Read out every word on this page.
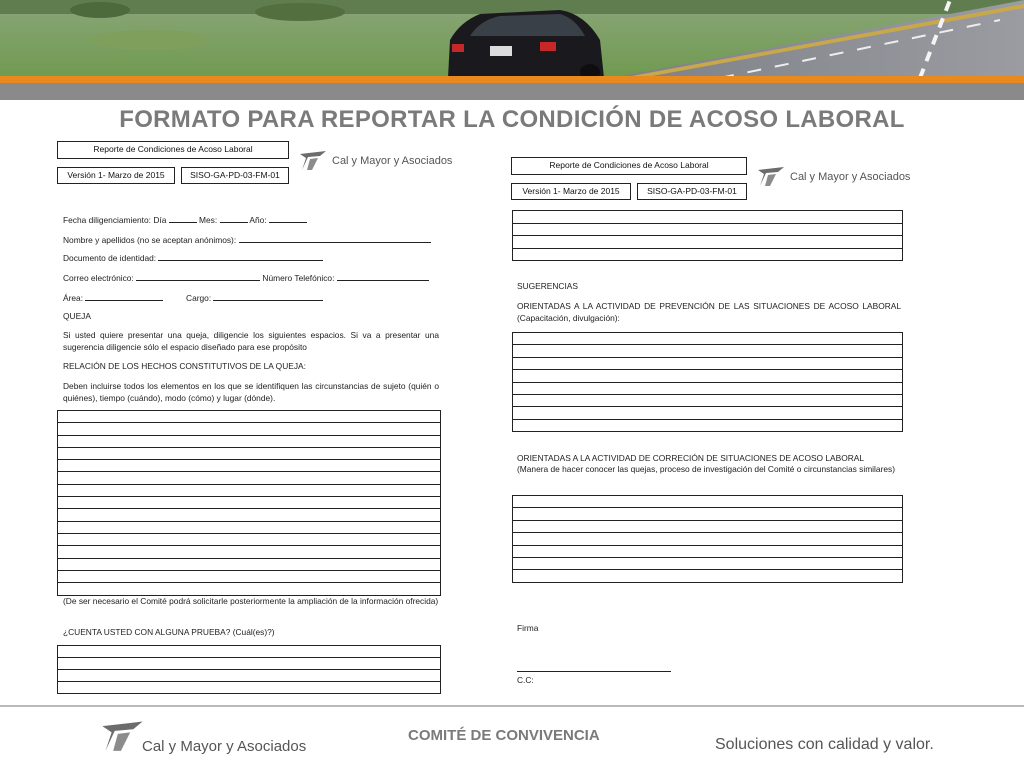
FORMATO PARA REPORTAR LA CONDICIÓN DE ACOSO LABORAL
Reporte de Condiciones de Acoso Laboral
Versión 1- Marzo de 2015	SISO-GA-PD-03-FM-01
Cal y Mayor y Asociados
Fecha diligenciamiento: Día	Mes:	Año:
Nombre y apellidos (no se aceptan anónimos):
Documento de identidad:
Correo electrónico:	Número Telefónico:
Área:	Cargo:
QUEJA
Si usted quiere presentar una queja, diligencie los siguientes espacios. Si va a presentar una sugerencia diligencie sólo el espacio diseñado para ese propósito
RELACIÓN DE LOS HECHOS CONSTITUTIVOS DE LA QUEJA:
Deben incluirse todos los elementos en los que se identifiquen las circunstancias de sujeto (quién o quiénes), tiempo (cuándo), modo (cómo) y lugar (dónde).
(De ser necesario el Comité podrá solicitarle posteriormente la ampliación de la información ofrecida)
¿CUENTA USTED CON ALGUNA PRUEBA? (Cuál(es)?)
Reporte de Condiciones de Acoso Laboral
Versión 1- Marzo de 2015	SISO-GA-PD-03-FM-01
Cal y Mayor y Asociados
SUGERENCIAS
ORIENTADAS A LA ACTIVIDAD DE PREVENCIÓN DE LAS SITUACIONES DE ACOSO LABORAL (Capacitación, divulgación):
ORIENTADAS A LA ACTIVIDAD DE CORRECIÓN DE SITUACIONES DE ACOSO LABORAL
(Manera de hacer conocer las quejas, proceso de investigación del Comité o circunstancias similares)
Firma
C.C:
Cal y Mayor y Asociados
COMITÉ DE CONVIVENCIA
Soluciones con calidad y valor.
